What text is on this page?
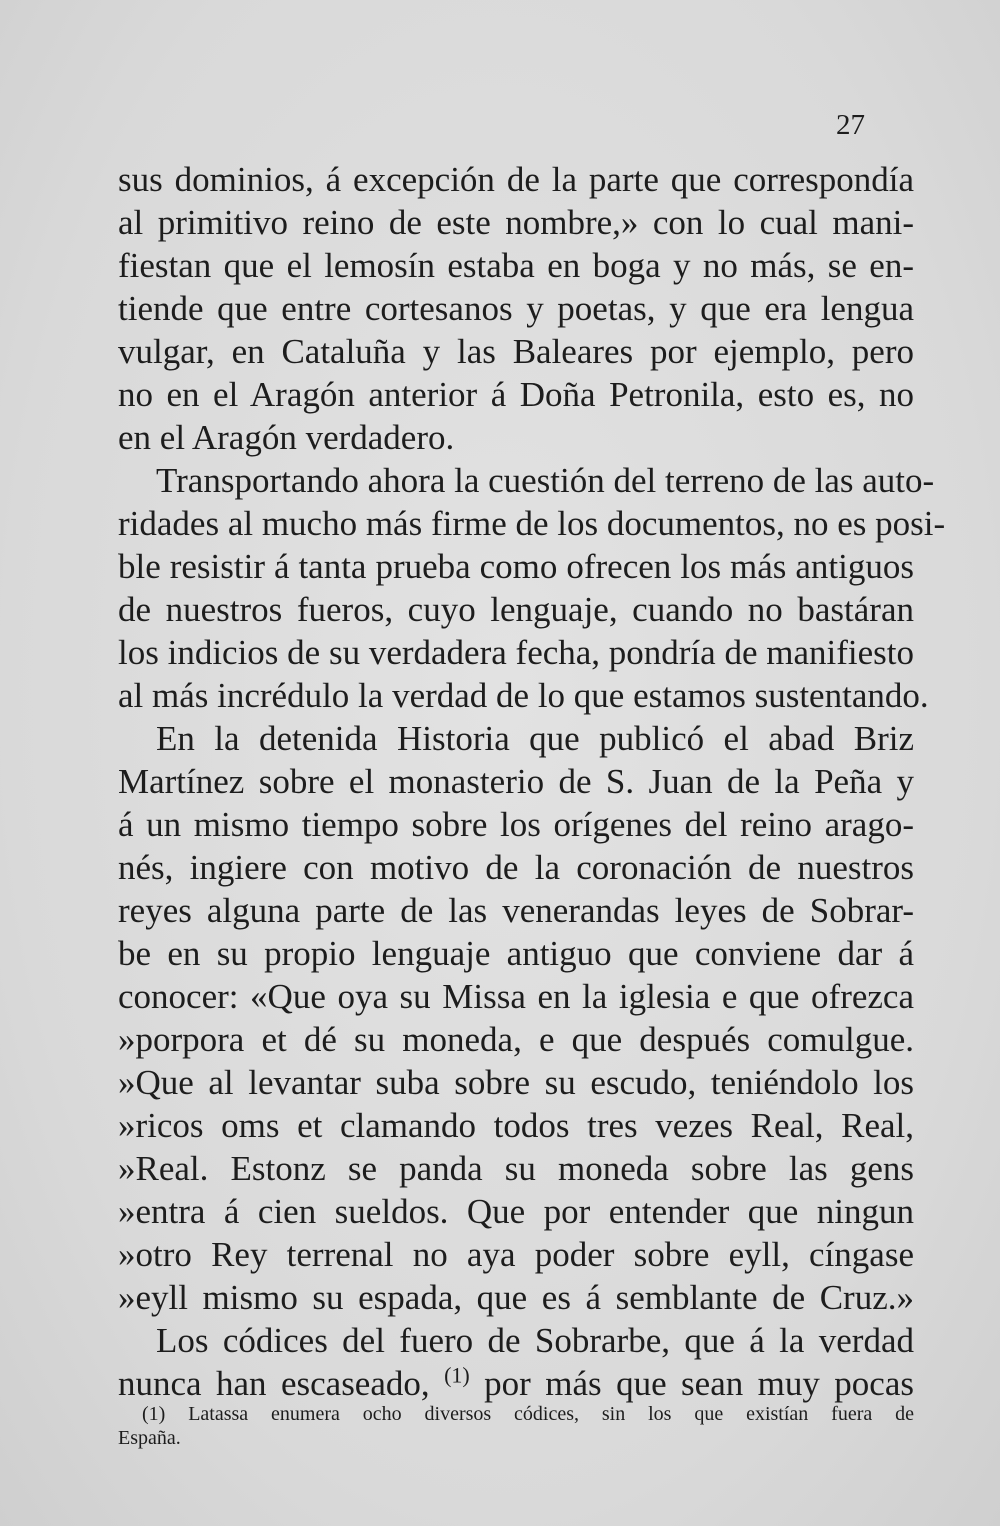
27
sus dominios, á excepción de la parte que correspondía
al primitivo reino de este nombre,» con lo cual mani-
fiestan que el lemosín estaba en boga y no más, se en-
tiende que entre cortesanos y poetas, y que era lengua
vulgar, en Cataluña y las Baleares por ejemplo, pero
no en el Aragón anterior á Doña Petronila, esto es, no
en el Aragón verdadero.
Transportando ahora la cuestión del terreno de las auto-
ridades al mucho más firme de los documentos, no es posi-
ble resistir á tanta prueba como ofrecen los más antiguos
de nuestros fueros, cuyo lenguaje, cuando no bastáran
los indicios de su verdadera fecha, pondría de manifiesto
al más incrédulo la verdad de lo que estamos sustentando.
En la detenida Historia que publicó el abad Briz
Martínez sobre el monasterio de S. Juan de la Peña y
á un mismo tiempo sobre los orígenes del reino arago-
nés, ingiere con motivo de la coronación de nuestros
reyes alguna parte de las venerandas leyes de Sobrar-
be en su propio lenguaje antiguo que conviene dar á
conocer: «Que oya su Missa en la iglesia e que ofrezca
»porpora et dé su moneda, e que después comulgue.
»Que al levantar suba sobre su escudo, teniéndolo los
»ricos oms et clamando todos tres vezes Real, Real,
»Real. Estonz se panda su moneda sobre las gens
»entra á cien sueldos. Que por entender que ningun
»otro Rey terrenal no aya poder sobre eyll, cíngase
»eyll mismo su espada, que es á semblante de Cruz.»
Los códices del fuero de Sobrarbe, que á la verdad
nunca han escaseado, $^{(1)}$ por más que sean muy pocas
(1) Latassa enumera ocho diversos códices, sin los que existían fuera de
España.
